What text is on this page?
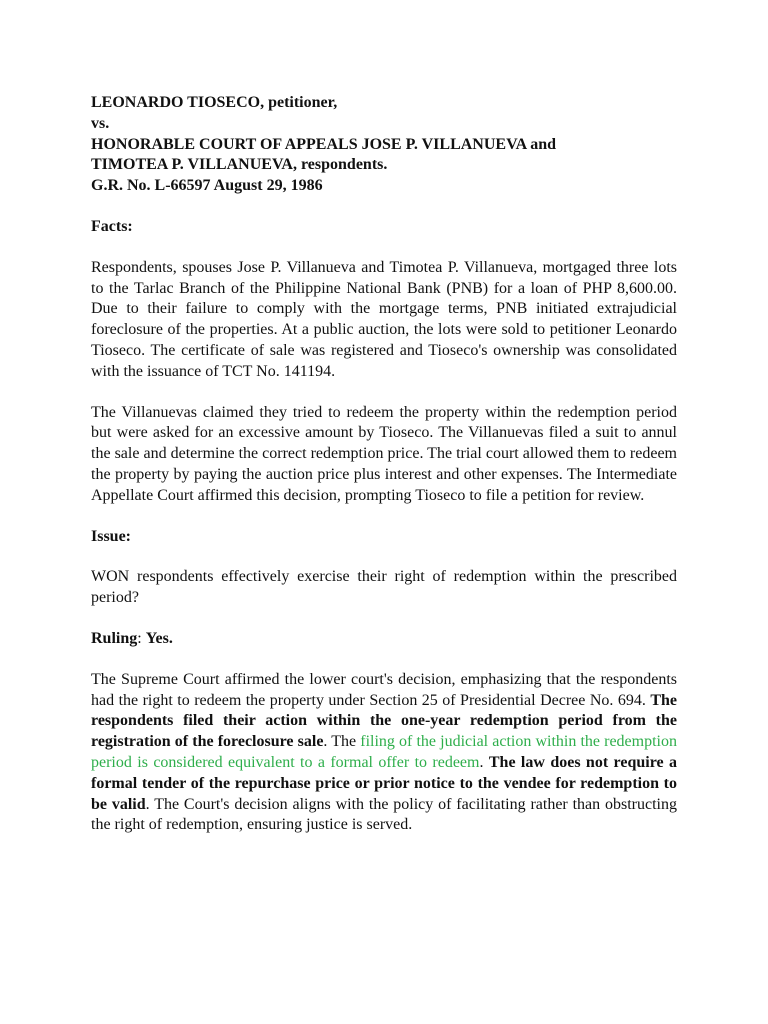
LEONARDO TIOSECO, petitioner,
vs.
HONORABLE COURT OF APPEALS JOSE P. VILLANUEVA and
TIMOTEA P. VILLANUEVA, respondents.
G.R. No. L-66597 August 29, 1986
Facts:
Respondents, spouses Jose P. Villanueva and Timotea P. Villanueva, mortgaged three lots to the Tarlac Branch of the Philippine National Bank (PNB) for a loan of PHP 8,600.00. Due to their failure to comply with the mortgage terms, PNB initiated extrajudicial foreclosure of the properties. At a public auction, the lots were sold to petitioner Leonardo Tioseco. The certificate of sale was registered and Tioseco's ownership was consolidated with the issuance of TCT No. 141194.
The Villanuevas claimed they tried to redeem the property within the redemption period but were asked for an excessive amount by Tioseco. The Villanuevas filed a suit to annul the sale and determine the correct redemption price. The trial court allowed them to redeem the property by paying the auction price plus interest and other expenses. The Intermediate Appellate Court affirmed this decision, prompting Tioseco to file a petition for review.
Issue:
WON respondents effectively exercise their right of redemption within the prescribed period?
Ruling: Yes.
The Supreme Court affirmed the lower court's decision, emphasizing that the respondents had the right to redeem the property under Section 25 of Presidential Decree No. 694. The respondents filed their action within the one-year redemption period from the registration of the foreclosure sale. The filing of the judicial action within the redemption period is considered equivalent to a formal offer to redeem. The law does not require a formal tender of the repurchase price or prior notice to the vendee for redemption to be valid. The Court's decision aligns with the policy of facilitating rather than obstructing the right of redemption, ensuring justice is served.
